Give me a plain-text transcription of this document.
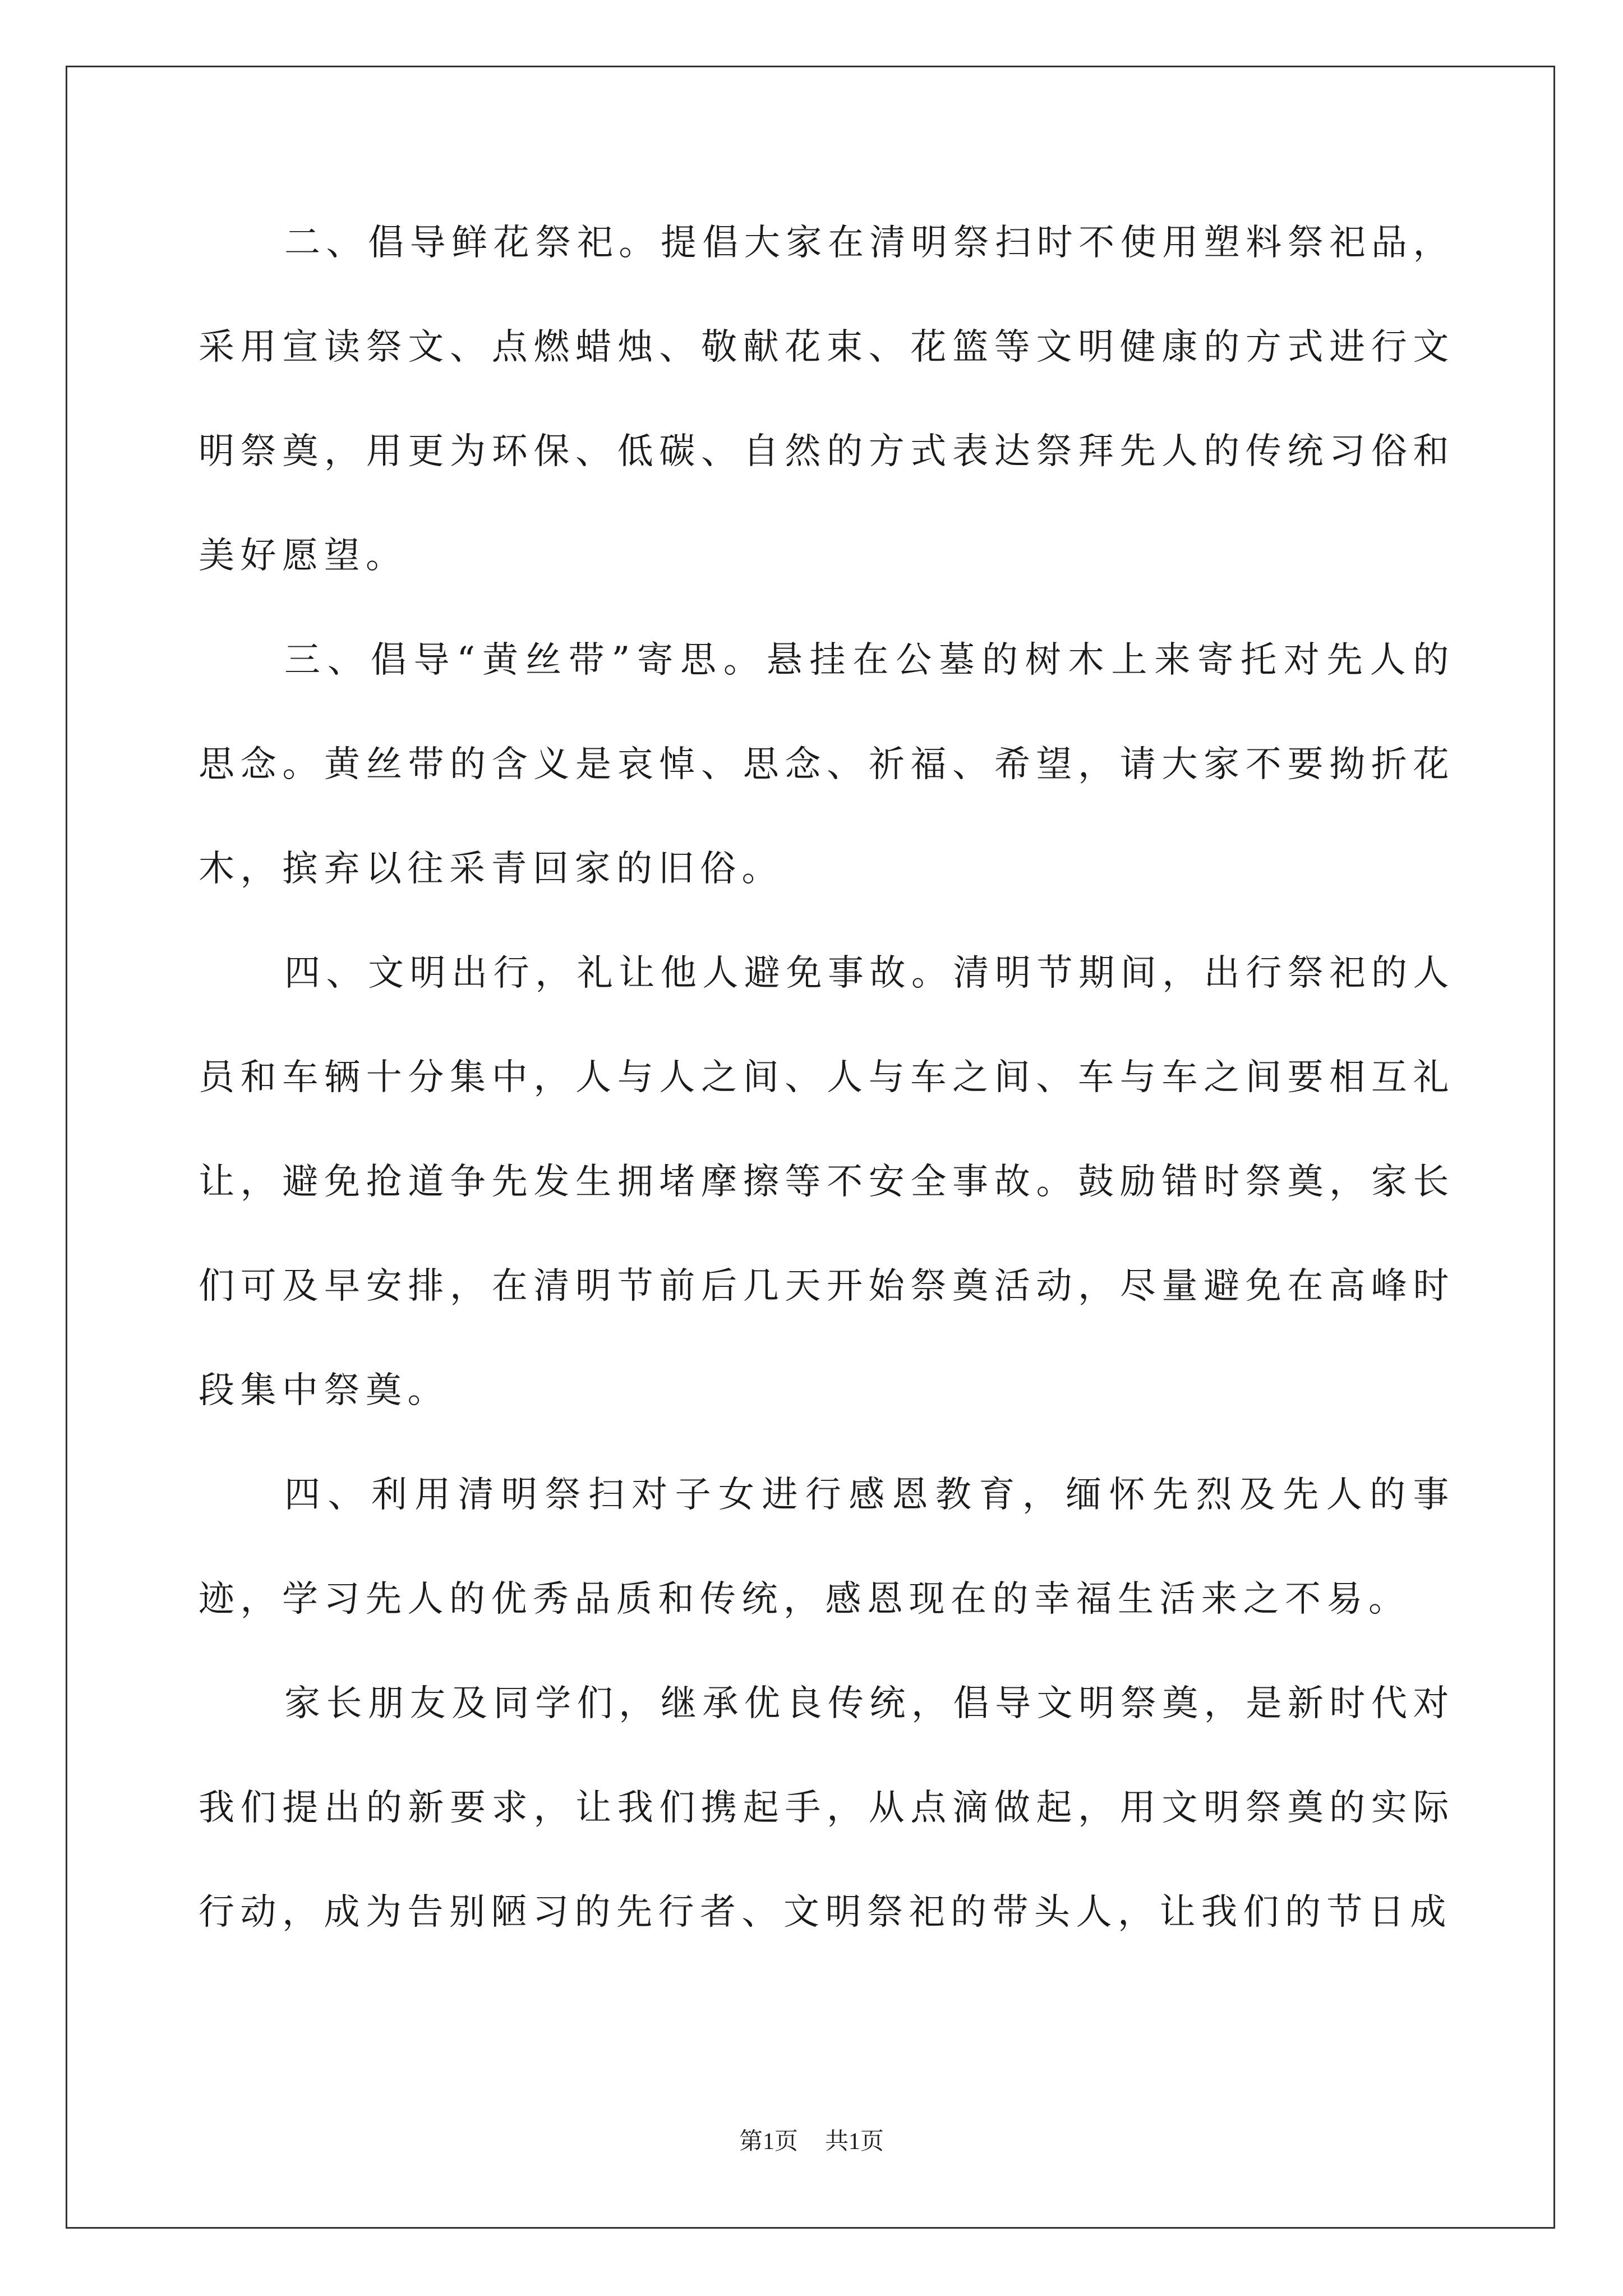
二、倡导鲜花祭祀。提倡大家在清明祭扫时不使用塑料祭祀品，采用宣读祭文、点燃蜡烛、敬献花束、花篮等文明健康的方式进行文明祭奠，用更为环保、低碳、自然的方式表达祭拜先人的传统习俗和美好愿望。

三、倡导“黄丝带”寄思。悬挂在公墓的树木上来寄托对先人的思念。黄丝带的含义是哀悼、思念、祈福、希望，请大家不要拗折花木，摈弃以往采青回家的旧俗。

四、文明出行，礼让他人避免事故。清明节期间，出行祭祀的人员和车辆十分集中，人与人之间、人与车之间、车与车之间要相互礼让，避免抢道争先发生拥堵摩擦等不安全事故。鼓励错时祭奠，家长们可及早安排，在清明节前后几天开始祭奠活动，尽量避免在高峰时段集中祭奠。

四、利用清明祭扫对子女进行感恩教育，缅怀先烈及先人的事迹，学习先人的优秀品质和传统，感恩现在的幸福生活来之不易。

家长朋友及同学们，继承优良传统，倡导文明祭奠，是新时代对我们提出的新要求，让我们携起手，从点滴做起，用文明祭奠的实际行动，成为告别陋习的先行者、文明祭祀的带头人，让我们的节日成

第1页 共1页
